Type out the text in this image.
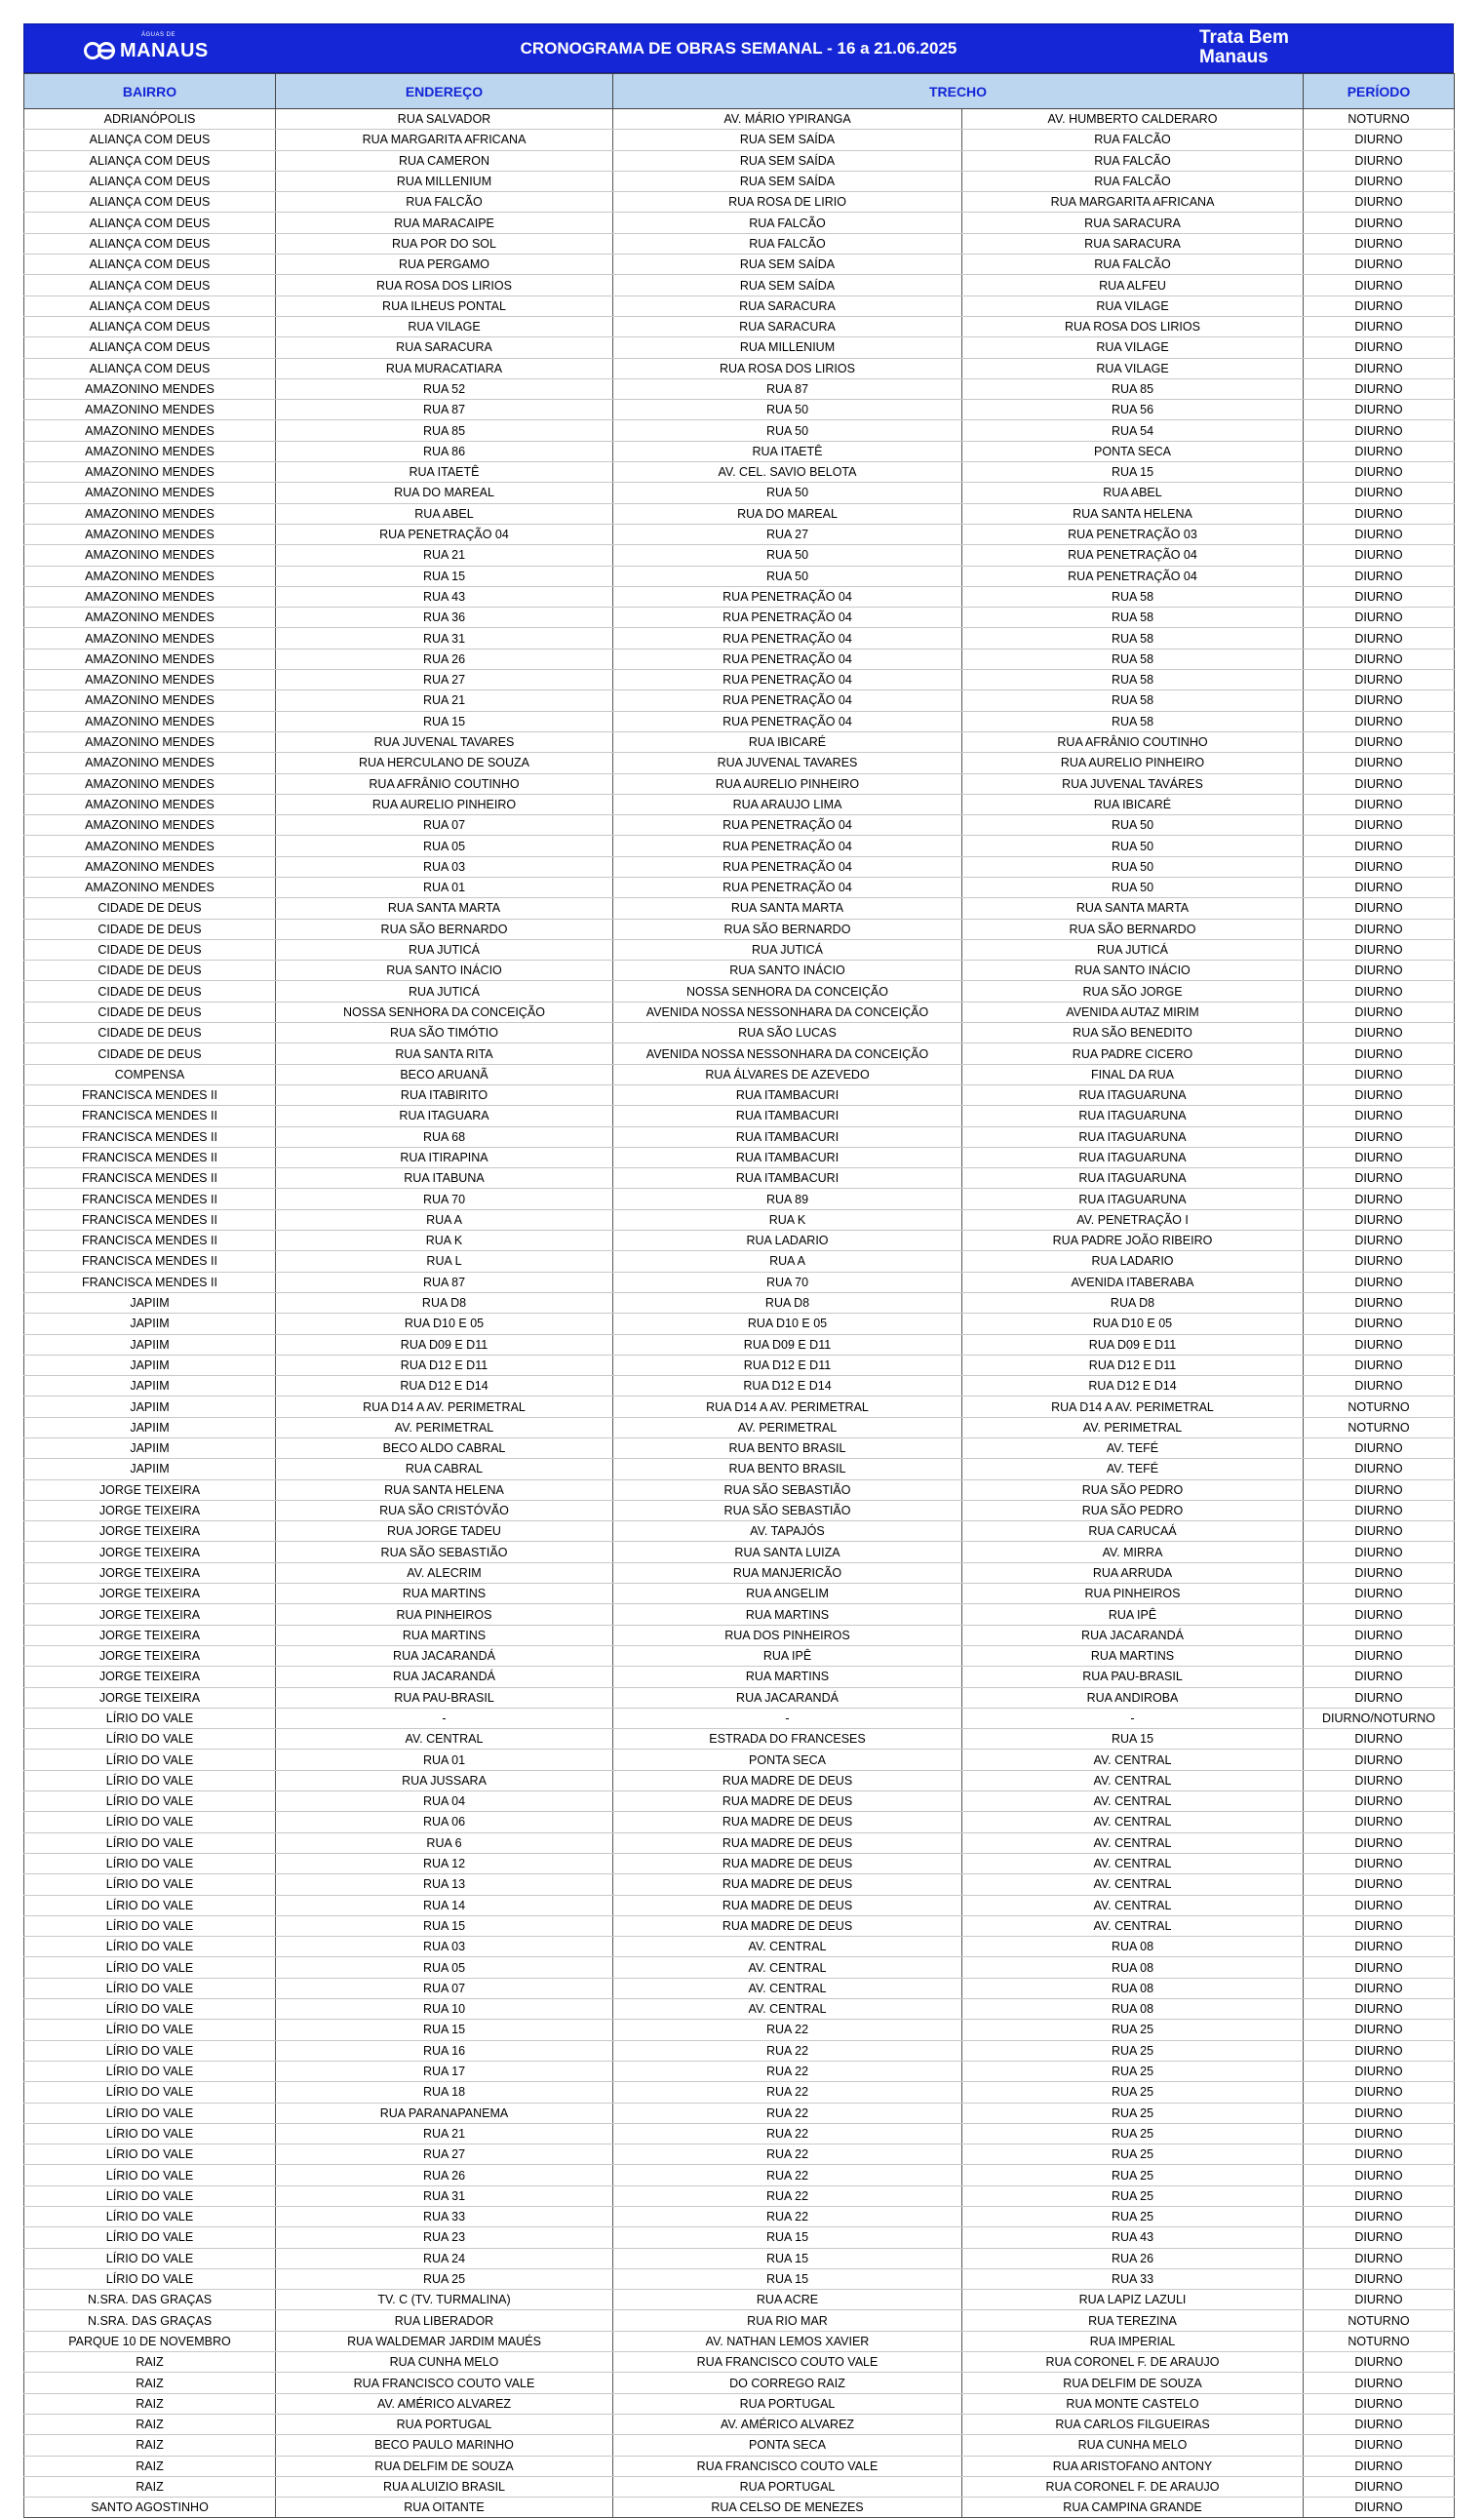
ÁGUAS DE
MANAUS	CRONOGRAMA DE OBRAS SEMANAL - 16 a 21.06.2025
Trata Bem
Manaus
BAIRRO	ENDEREÇO	TRECHO		PERÍODO
ADRIANÓPOLIS	RUA SALVADOR	AV. MÁRIO YPIRANGA	AV. HUMBERTO CALDERARO	NOTURNO
ALIANÇA COM DEUS	RUA MARGARITA AFRICANA	RUA SEM SAÍDA	RUA FALCÃO	DIURNO
ALIANÇA COM DEUS	RUA CAMERON	RUA SEM SAÍDA	RUA FALCÃO	DIURNO
ALIANÇA COM DEUS	RUA MILLENIUM	RUA SEM SAÍDA	RUA FALCÃO	DIURNO
ALIANÇA COM DEUS	RUA FALCÃO	RUA ROSA DE LIRIO	RUA MARGARITA AFRICANA	DIURNO
ALIANÇA COM DEUS	RUA MARACAIPE	RUA FALCÃO	RUA SARACURA	DIURNO
ALIANÇA COM DEUS	RUA POR DO SOL	RUA FALCÃO	RUA SARACURA	DIURNO
ALIANÇA COM DEUS	RUA PERGAMO	RUA SEM SAÍDA	RUA FALCÃO	DIURNO
ALIANÇA COM DEUS	RUA ROSA DOS LIRIOS	RUA SEM SAÍDA	RUA ALFEU	DIURNO
ALIANÇA COM DEUS	RUA ILHEUS PONTAL	RUA SARACURA	RUA VILAGE	DIURNO
ALIANÇA COM DEUS	RUA VILAGE	RUA SARACURA	RUA ROSA DOS LIRIOS	DIURNO
ALIANÇA COM DEUS	RUA SARACURA	RUA MILLENIUM	RUA VILAGE	DIURNO
ALIANÇA COM DEUS	RUA MURACATIARA	RUA ROSA DOS LIRIOS	RUA VILAGE	DIURNO
AMAZONINO MENDES	RUA 52	RUA 87	RUA 85	DIURNO
AMAZONINO MENDES	RUA 87	RUA 50	RUA 56	DIURNO
AMAZONINO MENDES	RUA 85	RUA 50	RUA 54	DIURNO
AMAZONINO MENDES	RUA 86	RUA ITAETÊ	PONTA SECA	DIURNO
AMAZONINO MENDES	RUA ITAETÊ	AV. CEL. SAVIO BELOTA	RUA 15	DIURNO
AMAZONINO MENDES	RUA DO MAREAL	RUA 50	RUA ABEL	DIURNO
AMAZONINO MENDES	RUA ABEL	RUA DO MAREAL	RUA SANTA HELENA	DIURNO
AMAZONINO MENDES	RUA PENETRAÇÃO 04	RUA 27	RUA PENETRAÇÃO 03	DIURNO
AMAZONINO MENDES	RUA 21	RUA 50	RUA PENETRAÇÃO 04	DIURNO
AMAZONINO MENDES	RUA 15	RUA 50	RUA PENETRAÇÃO 04	DIURNO
AMAZONINO MENDES	RUA 43	RUA PENETRAÇÃO 04	RUA 58	DIURNO
AMAZONINO MENDES	RUA 36	RUA PENETRAÇÃO 04	RUA 58	DIURNO
AMAZONINO MENDES	RUA 31	RUA PENETRAÇÃO 04	RUA 58	DIURNO
AMAZONINO MENDES	RUA 26	RUA PENETRAÇÃO 04	RUA 58	DIURNO
AMAZONINO MENDES	RUA 27	RUA PENETRAÇÃO 04	RUA 58	DIURNO
AMAZONINO MENDES	RUA 21	RUA PENETRAÇÃO 04	RUA 58	DIURNO
AMAZONINO MENDES	RUA 15	RUA PENETRAÇÃO 04	RUA 58	DIURNO
AMAZONINO MENDES	RUA JUVENAL TAVARES	RUA IBICARÉ	RUA AFRÂNIO COUTINHO	DIURNO
AMAZONINO MENDES	RUA HERCULANO DE SOUZA	RUA JUVENAL TAVARES	RUA AURELIO PINHEIRO	DIURNO
AMAZONINO MENDES	RUA AFRÂNIO COUTINHO	RUA AURELIO PINHEIRO	RUA JUVENAL TAVÁRES	DIURNO
AMAZONINO MENDES	RUA AURELIO PINHEIRO	RUA ARAUJO LIMA	RUA IBICARÉ	DIURNO
AMAZONINO MENDES	RUA 07	RUA PENETRAÇÃO 04	RUA 50	DIURNO
AMAZONINO MENDES	RUA 05	RUA PENETRAÇÃO 04	RUA 50	DIURNO
AMAZONINO MENDES	RUA 03	RUA PENETRAÇÃO 04	RUA 50	DIURNO
AMAZONINO MENDES	RUA 01	RUA PENETRAÇÃO 04	RUA 50	DIURNO
CIDADE DE DEUS	RUA SANTA MARTA	RUA SANTA MARTA	RUA SANTA MARTA	DIURNO
CIDADE DE DEUS	RUA SÃO BERNARDO	RUA SÃO BERNARDO	RUA SÃO BERNARDO	DIURNO
CIDADE DE DEUS	RUA JUTICÁ	RUA JUTICÁ	RUA JUTICÁ	DIURNO
CIDADE DE DEUS	RUA SANTO INÁCIO	RUA SANTO INÁCIO	RUA SANTO INÁCIO	DIURNO
CIDADE DE DEUS	RUA JUTICÁ	NOSSA SENHORA DA CONCEIÇÃO	RUA SÃO JORGE	DIURNO
CIDADE DE DEUS	NOSSA SENHORA DA CONCEIÇÃO	AVENIDA NOSSA NESSONHARA DA CONCEIÇÃO	AVENIDA AUTAZ MIRIM	DIURNO
CIDADE DE DEUS	RUA SÃO TIMÓTIO	RUA SÃO LUCAS	RUA SÃO BENEDITO	DIURNO
CIDADE DE DEUS	RUA SANTA RITA	AVENIDA NOSSA NESSONHARA DA CONCEIÇÃO	RUA PADRE CICERO	DIURNO
COMPENSA	BECO ARUANÃ	RUA ÁLVARES DE AZEVEDO	FINAL DA RUA	DIURNO
FRANCISCA MENDES II	RUA ITABIRITO	RUA ITAMBACURI	RUA ITAGUARUNA	DIURNO
FRANCISCA MENDES II	RUA ITAGUARA	RUA ITAMBACURI	RUA ITAGUARUNA	DIURNO
FRANCISCA MENDES II	RUA 68	RUA ITAMBACURI	RUA ITAGUARUNA	DIURNO
FRANCISCA MENDES II	RUA ITIRAPINA	RUA ITAMBACURI	RUA ITAGUARUNA	DIURNO
FRANCISCA MENDES II	RUA ITABUNA	RUA ITAMBACURI	RUA ITAGUARUNA	DIURNO
FRANCISCA MENDES II	RUA 70	RUA 89	RUA ITAGUARUNA	DIURNO
FRANCISCA MENDES II	RUA A	RUA K	AV. PENETRAÇÃO I	DIURNO
FRANCISCA MENDES II	RUA K	RUA LADARIO	RUA PADRE JOÃO RIBEIRO	DIURNO
FRANCISCA MENDES II	RUA L	RUA A	RUA LADARIO	DIURNO
FRANCISCA MENDES II	RUA 87	RUA 70	AVENIDA ITABERABA	DIURNO
JAPIIM	RUA D8	RUA D8	RUA D8	DIURNO
JAPIIM	RUA D10 E 05	RUA D10 E 05	RUA D10 E 05	DIURNO
JAPIIM	RUA D09 E D11	RUA D09 E D11	RUA D09 E D11	DIURNO
JAPIIM	RUA D12 E D11	RUA D12 E D11	RUA D12 E D11	DIURNO
JAPIIM	RUA D12 E D14	RUA D12 E D14	RUA D12 E D14	DIURNO
JAPIIM	RUA D14 A AV. PERIMETRAL	RUA D14 A AV. PERIMETRAL	RUA D14 A AV. PERIMETRAL	NOTURNO
JAPIIM	AV. PERIMETRAL	AV. PERIMETRAL	AV. PERIMETRAL	NOTURNO
JAPIIM	BECO ALDO CABRAL	RUA BENTO BRASIL	AV. TEFÉ	DIURNO
JAPIIM	RUA CABRAL	RUA BENTO BRASIL	AV. TEFÉ	DIURNO
JORGE TEIXEIRA	RUA SANTA HELENA	RUA SÃO SEBASTIÃO	RUA SÃO PEDRO	DIURNO
JORGE TEIXEIRA	RUA SÃO CRISTÓVÃO	RUA SÃO SEBASTIÃO	RUA SÃO PEDRO	DIURNO
JORGE TEIXEIRA	RUA JORGE TADEU	AV. TAPAJÓS	RUA CARUCAÁ	DIURNO
JORGE TEIXEIRA	RUA SÃO SEBASTIÃO	RUA SANTA LUIZA	AV. MIRRA	DIURNO
JORGE TEIXEIRA	AV. ALECRIM	RUA MANJERICÃO	RUA ARRUDA	DIURNO
JORGE TEIXEIRA	RUA MARTINS	RUA ANGELIM	RUA PINHEIROS	DIURNO
JORGE TEIXEIRA	RUA PINHEIROS	RUA MARTINS	RUA IPÊ	DIURNO
JORGE TEIXEIRA	RUA MARTINS	RUA DOS PINHEIROS	RUA JACARANDÁ	DIURNO
JORGE TEIXEIRA	RUA JACARANDÁ	RUA IPÊ	RUA MARTINS	DIURNO
JORGE TEIXEIRA	RUA JACARANDÁ	RUA MARTINS	RUA PAU-BRASIL	DIURNO
JORGE TEIXEIRA	RUA PAU-BRASIL	RUA JACARANDÁ	RUA ANDIROBA	DIURNO
LÍRIO DO VALE	-	-	-	DIURNO/NOTURNO
LÍRIO DO VALE	AV. CENTRAL	ESTRADA DO FRANCESES	RUA 15	DIURNO
LÍRIO DO VALE	RUA 01	PONTA SECA	AV. CENTRAL	DIURNO
LÍRIO DO VALE	RUA JUSSARA	RUA MADRE DE DEUS	AV. CENTRAL	DIURNO
LÍRIO DO VALE	RUA 04	RUA MADRE DE DEUS	AV. CENTRAL	DIURNO
LÍRIO DO VALE	RUA 06	RUA MADRE DE DEUS	AV. CENTRAL	DIURNO
LÍRIO DO VALE	RUA 6	RUA MADRE DE DEUS	AV. CENTRAL	DIURNO
LÍRIO DO VALE	RUA 12	RUA MADRE DE DEUS	AV. CENTRAL	DIURNO
LÍRIO DO VALE	RUA 13	RUA MADRE DE DEUS	AV. CENTRAL	DIURNO
LÍRIO DO VALE	RUA 14	RUA MADRE DE DEUS	AV. CENTRAL	DIURNO
LÍRIO DO VALE	RUA 15	RUA MADRE DE DEUS	AV. CENTRAL	DIURNO
LÍRIO DO VALE	RUA 03	AV. CENTRAL	RUA 08	DIURNO
LÍRIO DO VALE	RUA 05	AV. CENTRAL	RUA 08	DIURNO
LÍRIO DO VALE	RUA 07	AV. CENTRAL	RUA 08	DIURNO
LÍRIO DO VALE	RUA 10	AV. CENTRAL	RUA 08	DIURNO
LÍRIO DO VALE	RUA 15	RUA 22	RUA 25	DIURNO
LÍRIO DO VALE	RUA 16	RUA 22	RUA 25	DIURNO
LÍRIO DO VALE	RUA 17	RUA 22	RUA 25	DIURNO
LÍRIO DO VALE	RUA 18	RUA 22	RUA 25	DIURNO
LÍRIO DO VALE	RUA PARANAPANEMA	RUA 22	RUA 25	DIURNO
LÍRIO DO VALE	RUA 21	RUA 22	RUA 25	DIURNO
LÍRIO DO VALE	RUA 27	RUA 22	RUA 25	DIURNO
LÍRIO DO VALE	RUA 26	RUA 22	RUA 25	DIURNO
LÍRIO DO VALE	RUA 31	RUA 22	RUA 25	DIURNO
LÍRIO DO VALE	RUA 33	RUA 22	RUA 25	DIURNO
LÍRIO DO VALE	RUA 23	RUA 15	RUA 43	DIURNO
LÍRIO DO VALE	RUA 24	RUA 15	RUA 26	DIURNO
LÍRIO DO VALE	RUA 25	RUA 15	RUA 33	DIURNO
N.SRA. DAS GRAÇAS	TV. C (TV. TURMALINA)	RUA ACRE	RUA LAPIZ LAZULI	DIURNO
N.SRA. DAS GRAÇAS	RUA LIBERADOR	RUA RIO MAR	RUA TEREZINA	NOTURNO
PARQUE 10 DE NOVEMBRO	RUA WALDEMAR JARDIM MAUÉS	AV. NATHAN LEMOS XAVIER	RUA IMPERIAL	NOTURNO
RAIZ	RUA CUNHA MELO	RUA FRANCISCO COUTO VALE	RUA CORONEL F. DE ARAUJO	DIURNO
RAIZ	RUA FRANCISCO COUTO VALE	DO CORREGO RAIZ	RUA DELFIM DE SOUZA	DIURNO
RAIZ	AV. AMÉRICO ALVAREZ	RUA PORTUGAL	RUA MONTE CASTELO	DIURNO
RAIZ	RUA PORTUGAL	AV. AMÉRICO ALVAREZ	RUA CARLOS FILGUEIRAS	DIURNO
RAIZ	BECO PAULO MARINHO	PONTA SECA	RUA CUNHA MELO	DIURNO
RAIZ	RUA DELFIM DE SOUZA	RUA FRANCISCO COUTO VALE	RUA ARISTOFANO ANTONY	DIURNO
RAIZ	RUA ALUIZIO BRASIL	RUA PORTUGAL	RUA CORONEL F. DE ARAUJO	DIURNO
SANTO AGOSTINHO	RUA OITANTE	RUA CELSO DE MENEZES	RUA CAMPINA GRANDE	DIURNO
